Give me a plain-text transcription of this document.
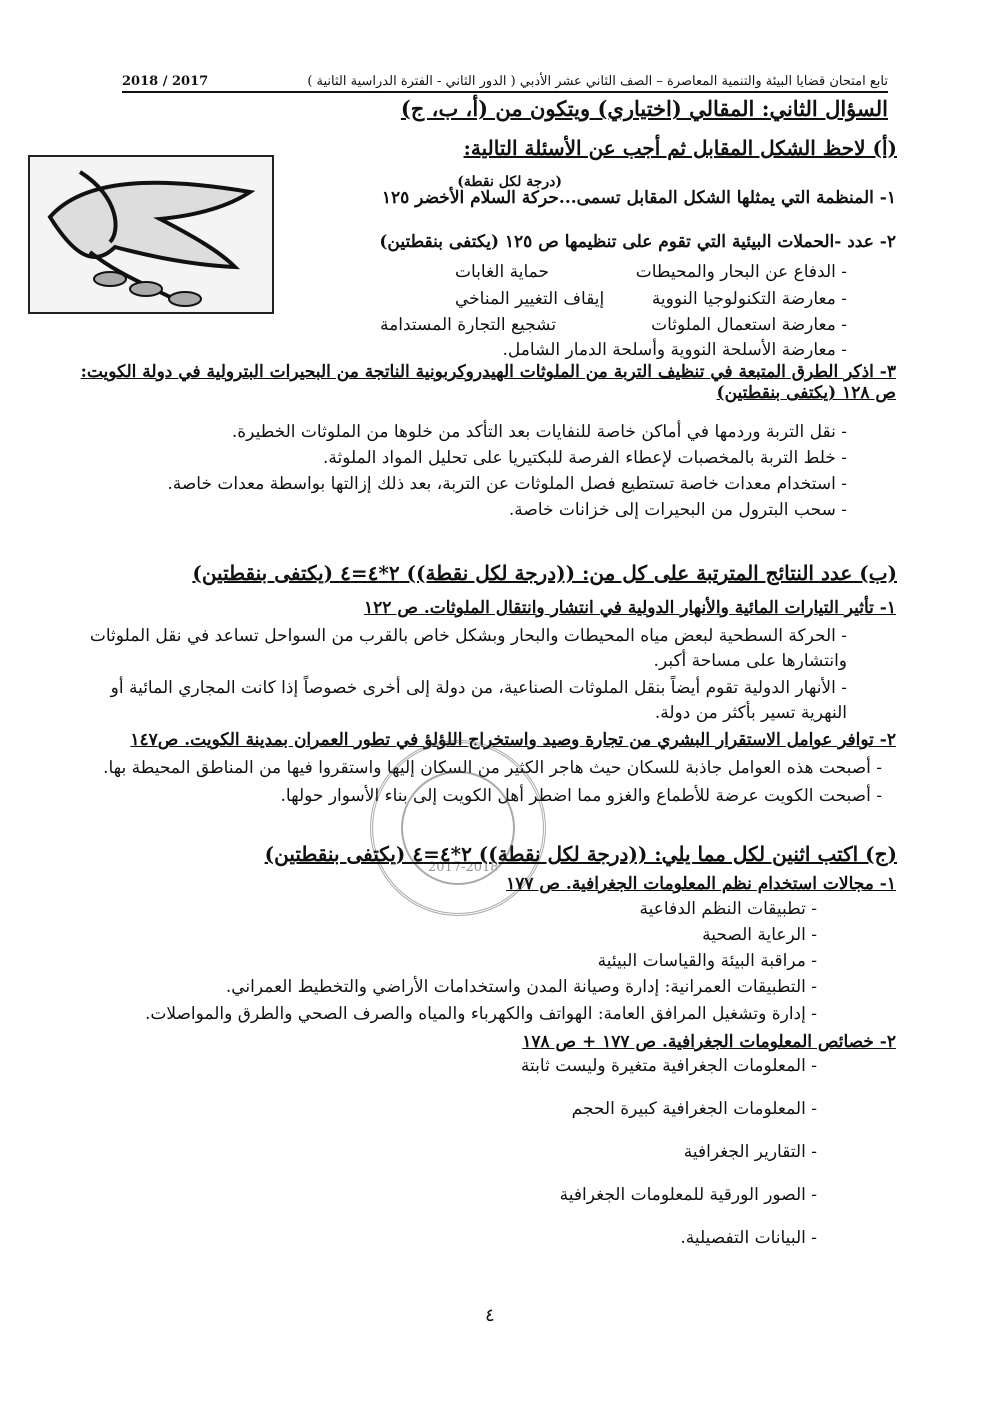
تابع امتحان قضايا البيئة والتنمية المعاصرة – الصف الثاني عشر الأدبي ( الدور الثاني - الفترة الدراسية الثانية )
2018 / 2017
السؤال الثاني: المقالي (اختياري) ويتكون من (أ، ب، ج)
(أ) لاحظ الشكل المقابل ثم أجب عن الأسئلة التالية:
(درجة لكل نقطة)
١- المنظمة التي يمثلها الشكل المقابل تسمى...حركة السلام الأخضر ١٢٥
٢- عدد -الحملات البيئية التي تقوم على تنظيمها ص ١٢٥ (يكتفى بنقطتين)
- الدفاع عن البحار والمحيطات
- معارضة التكنولوجيا النووية
- معارضة استعمال الملوثات
- معارضة الأسلحة النووية وأسلحة الدمار الشامل.
حماية الغابات
إيقاف التغيير المناخي
تشجيع التجارة المستدامة
٣- اذكر الطرق المتبعة في تنظيف التربة من الملوثات الهيدروكربونية الناتجة من البحيرات البترولية في دولة الكويت: ص ١٢٨ (يكتفى بنقطتين)
- نقل التربة وردمها في أماكن خاصة للنفايات بعد التأكد من خلوها من الملوثات الخطيرة.
- خلط التربة بالمخصبات لإعطاء الفرصة للبكتيريا على تحليل المواد الملوثة.
- استخدام معدات خاصة تستطيع فصل الملوثات عن التربة، بعد ذلك إزالتها بواسطة معدات خاصة.
- سحب البترول من البحيرات إلى خزانات خاصة.
(ب) عدد النتائج المترتبة على كل من: ((درجة لكل نقطة)) ٢*٤=٤ (يكتفى بنقطتين)
١- تأثير التيارات المائية والأنهار الدولية في انتشار وانتقال الملوثات. ص ١٢٢
- الحركة السطحية لبعض مياه المحيطات والبحار وبشكل خاص بالقرب من السواحل تساعد في نقل الملوثات وانتشارها على مساحة أكبر.
- الأنهار الدولية تقوم أيضاً بنقل الملوثات الصناعية، من دولة إلى أخرى خصوصاً إذا كانت المجاري المائية أو النهرية تسير بأكثر من دولة.
٢- توافر عوامل الاستقرار البشري من تجارة وصيد واستخراج اللؤلؤ في تطور العمران بمدينة الكويت. ص١٤٧
- أصبحت هذه العوامل جاذبة للسكان حيث هاجر الكثير من السكان إليها واستقروا فيها من المناطق المحيطة بها.
- أصبحت الكويت عرضة للأطماع والغزو مما اضطر أهل الكويت إلى بناء الأسوار حولها.
2017-2018
(ج) اكتب اثنين لكل مما يلي: ((درجة لكل نقطة)) ٢*٤=٤ (يكتفى بنقطتين)
١- مجالات استخدام نظم المعلومات الجغرافية. ص ١٧٧
- تطبيقات النظم الدفاعية
- الرعاية الصحية
- مراقبة البيئة والقياسات البيئية
- التطبيقات العمرانية: إدارة وصيانة المدن واستخدامات الأراضي والتخطيط العمراني.
- إدارة وتشغيل المرافق العامة: الهواتف والكهرباء والمياه والصرف الصحي والطرق والمواصلات.
٢- خصائص المعلومات الجغرافية. ص ١٧٧ + ص ١٧٨
- المعلومات الجغرافية متغيرة وليست ثابتة
- المعلومات الجغرافية كبيرة الحجم
- التقارير الجغرافية
- الصور الورقية للمعلومات الجغرافية
- البيانات التفصيلية.
٤
